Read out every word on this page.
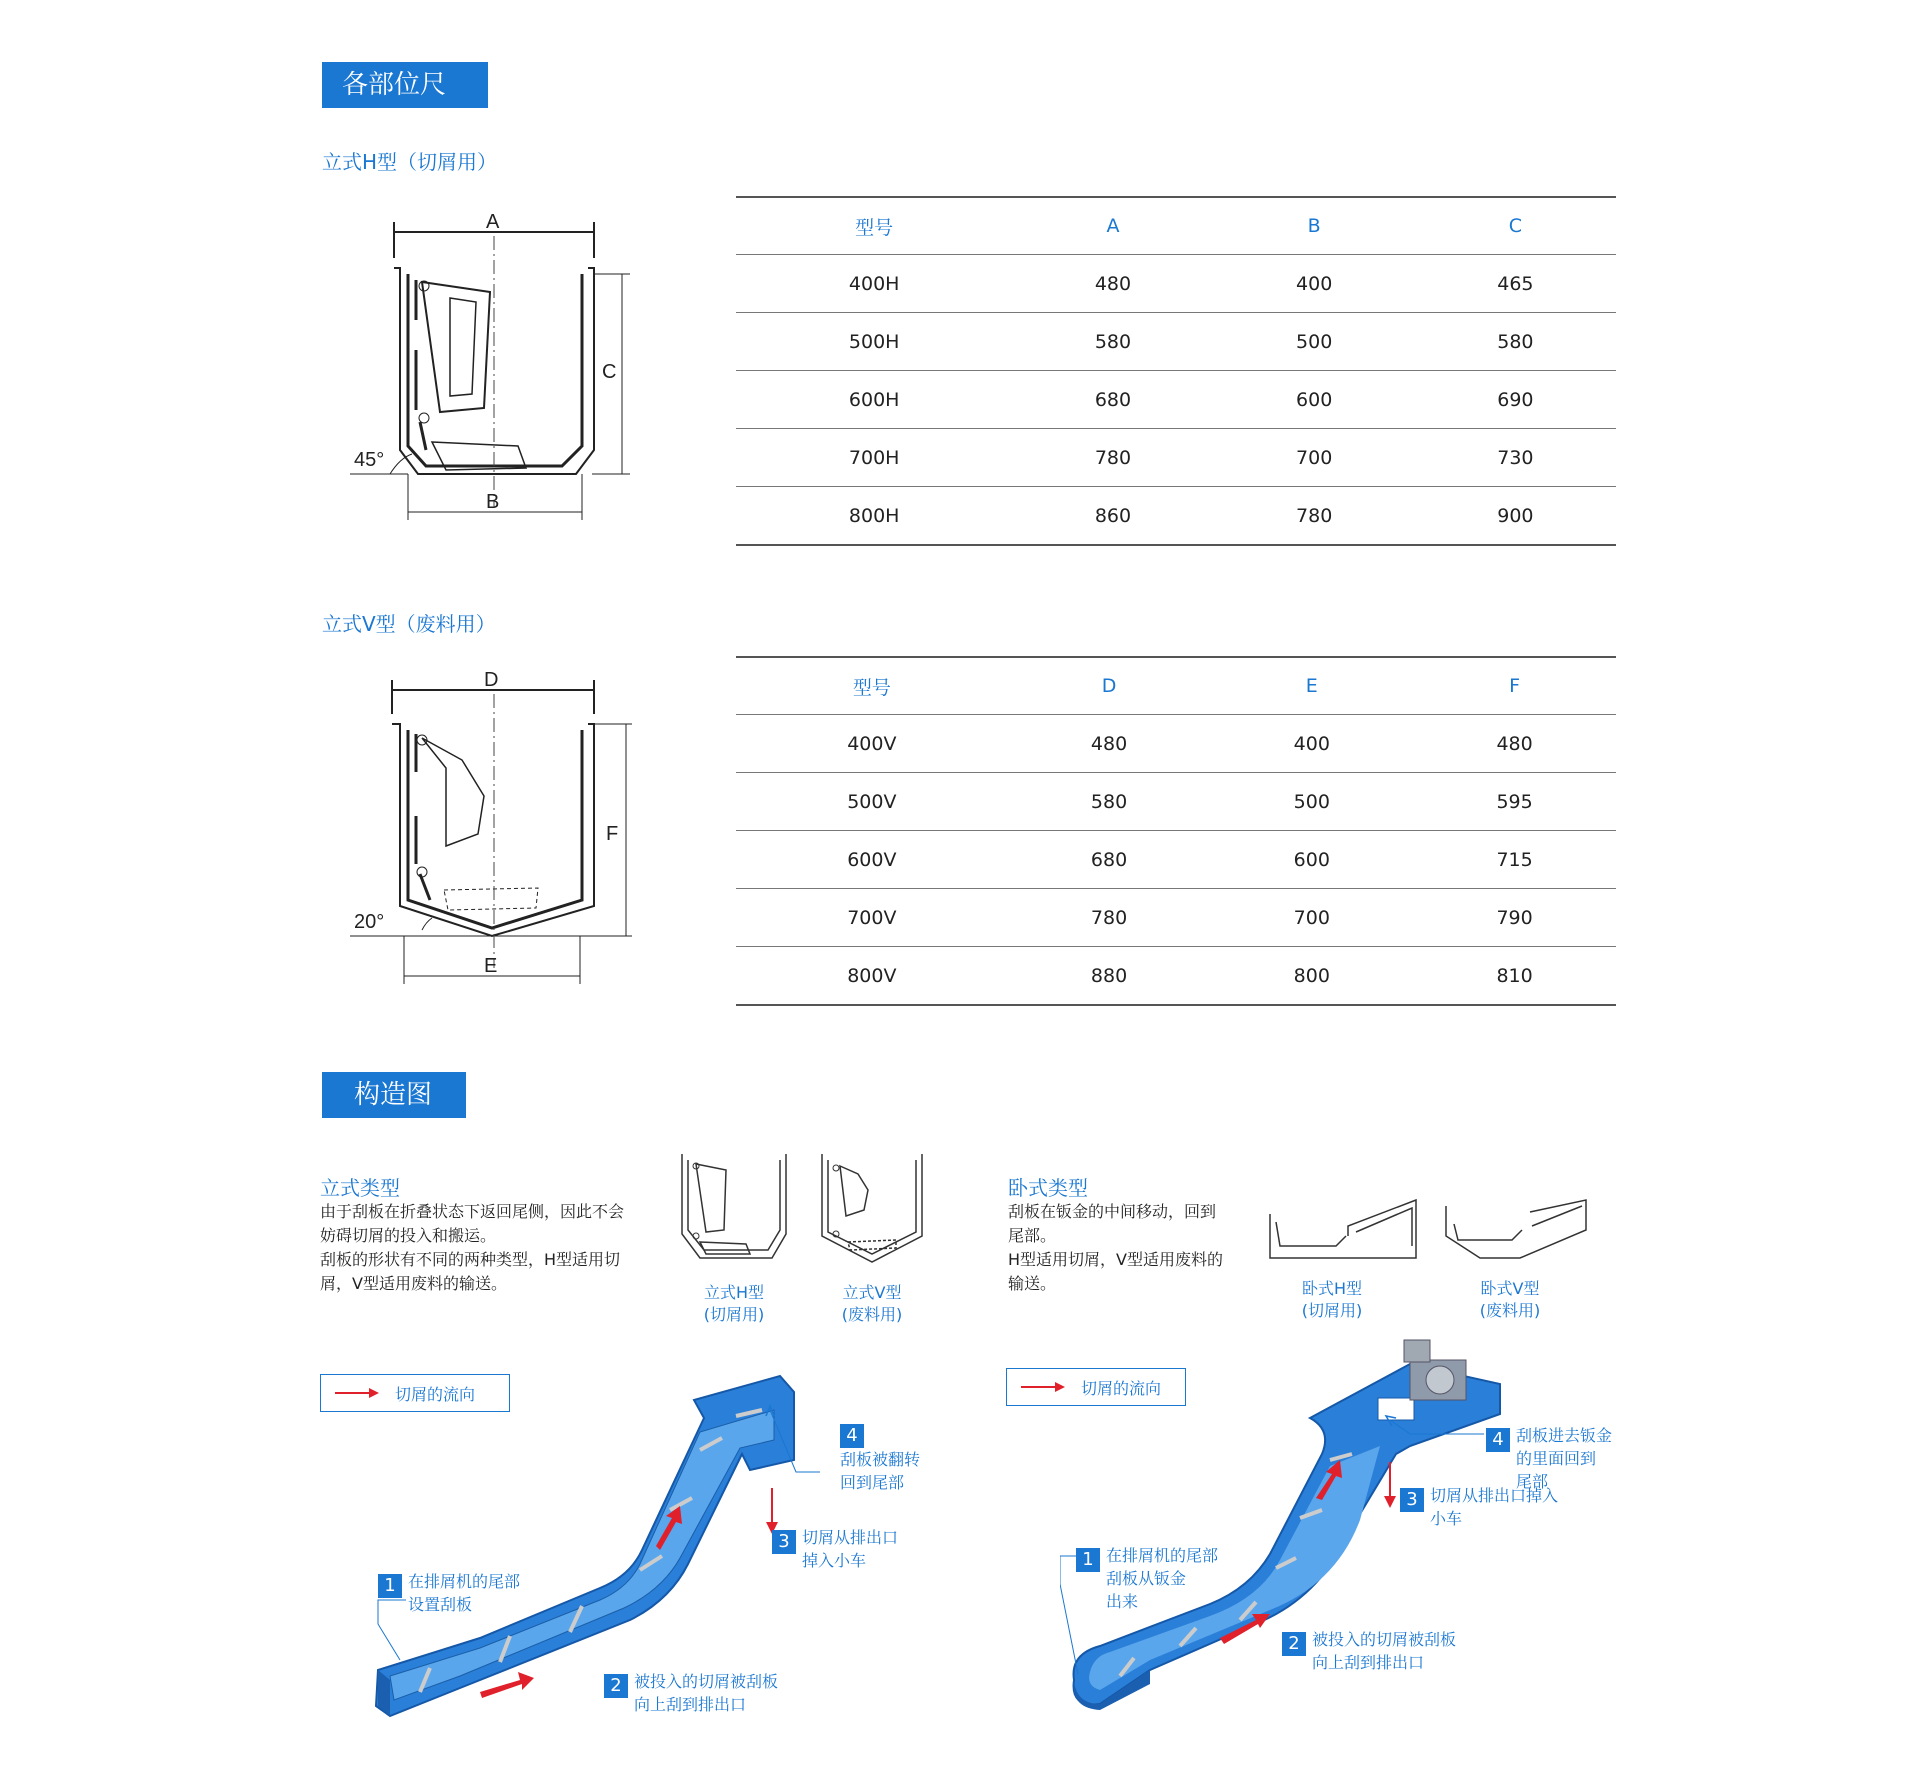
各部位尺寸
立式H型（切屑用）
A
C
B
45°
型号	A	B	C
400H	480	400	465
500H	580	500	580
600H	680	600	690
700H	780	700	730
800H	860	780	900
立式V型（废料用）
D
F
E
20°
型号	D	E	F
400V	480	400	480
500V	580	500	595
600V	680	600	715
700V	780	700	790
800V	880	800	810
构造图
立式类型
由于刮板在折叠状态下返回尾侧，因此不会
妨碍切屑的投入和搬运。
刮板的形状有不同的两种类型，H型适用切
屑，V型适用废料的输送。	立式H型
(切屑用)
立式V型
(废料用)
切屑的流向
1 在排屑机的尾部
设置刮板
2 被投入的切屑被刮板
向上刮到排出口
3 切屑从排出口
掉入小车
4
刮板被翻转
回到尾部
卧式类型
刮板在钣金的中间移动，回到
尾部。
H型适用切屑，V型适用废料的
输送。	卧式H型
(切屑用)
卧式V型
(废料用)
切屑的流向
1 在排屑机的尾部
刮板从钣金
出来
2 被投入的切屑被刮板
向上刮到排出口
3 切屑从排出口掉入
小车
4 刮板进去钣金
的里面回到
尾部
